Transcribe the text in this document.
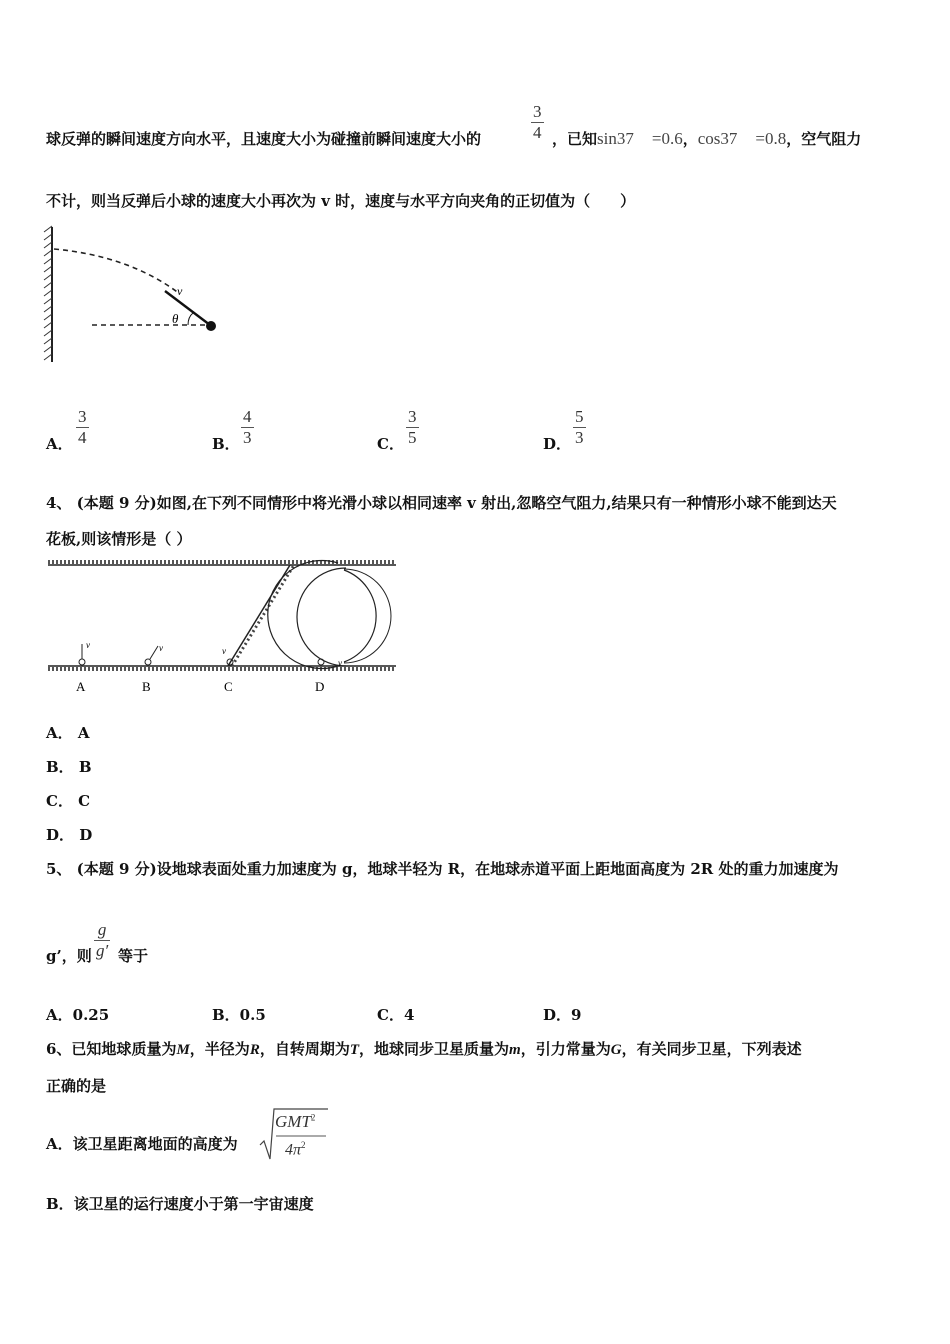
球反弹的瞬间速度方向水平，且速度大小为碰撞前瞬间速度大小的
3
4 ，已知sin37 =0.6，cos37 =0.8，空气阻力
不计，则当反弹后小球的速度大小再次为 v 时，速度与水平方向夹角的正切值为（　　）
v
θ
A．
3
4	B．
4
3	C．
3
5	D．
5
3
4、 (本题 9 分)如图,在下列不同情形中将光滑小球以相同速率 v 射出,忽略空气阻力,结果只有一种情形小球不能到达天
花板,则该情形是（ ）
v	v	v
v
A	B	C	D
A． A
B． B
C． C
D． D
5、 (本题 9 分)设地球表面处重力加速度为 g，地球半轻为 R，在地球赤道平面上距地面高度为 2R 处的重力加速度为
g’，则
g
g′ 等于
A．0.25	B．0.5	C．4	D．9
6、已知地球质量为M，半径为R，自转周期为T，地球同步卫星质量为m，引力常量为G，有关同步卫星，下列表述
正确的是
A．该卫星距离地面的高度为
GMT$^2$
$4\pi^2$
B．该卫星的运行速度小于第一宇宙速度
